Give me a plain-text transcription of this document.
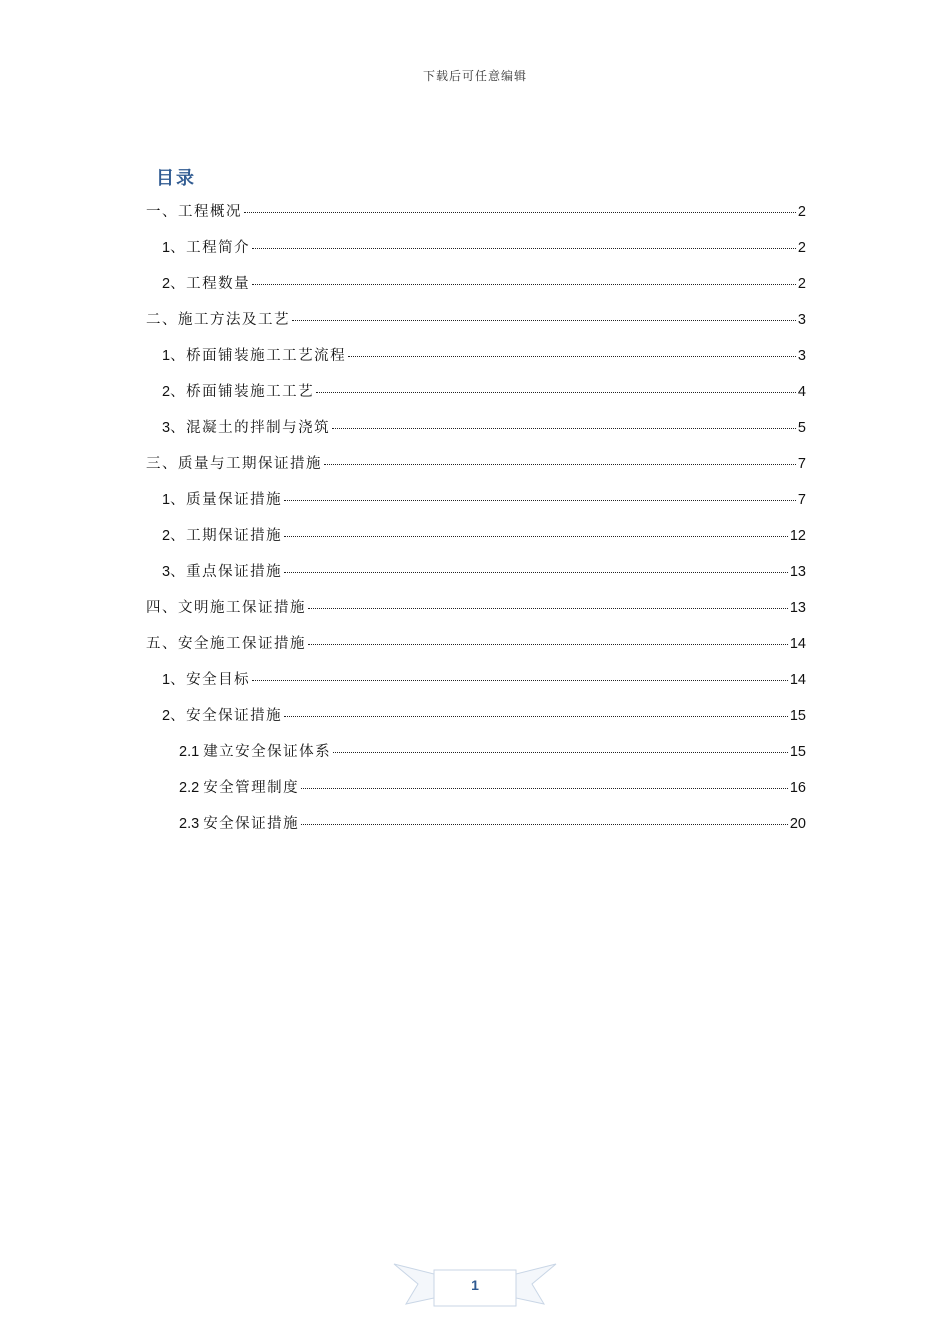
下载后可任意编辑
目录
一、工程概况	2
1、工程简介	2
2、工程数量	2
二、施工方法及工艺	3
1、桥面铺装施工工艺流程	3
2、桥面铺装施工工艺	4
3、混凝土的拌制与浇筑	5
三、质量与工期保证措施	7
1、质量保证措施	7
2、工期保证措施	12
3、重点保证措施	13
四、文明施工保证措施	13
五、安全施工保证措施	14
1、安全目标	14
2、安全保证措施	15
2.1 建立安全保证体系	15
2.2 安全管理制度	16
2.3 安全保证措施	20
1
